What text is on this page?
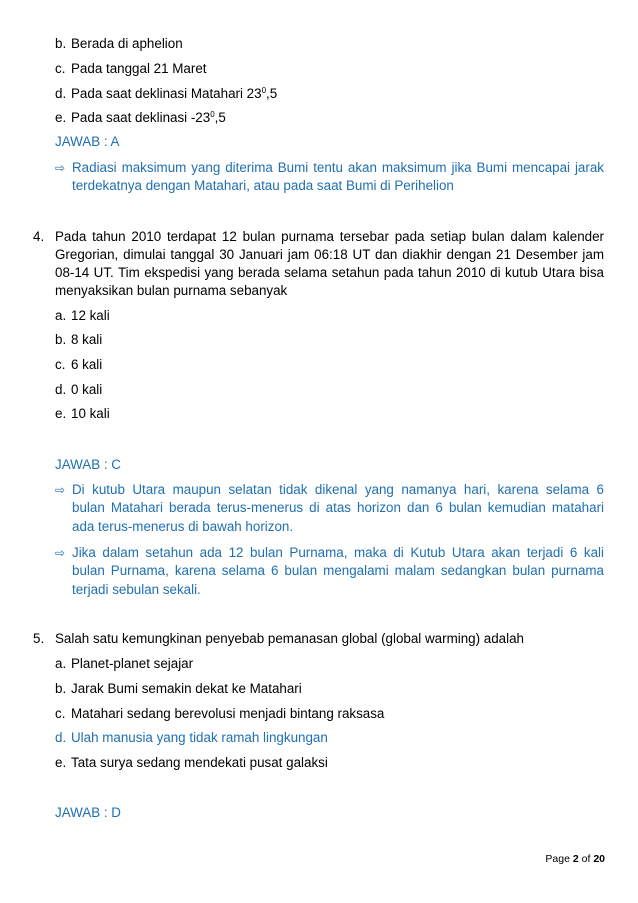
b. Berada di aphelion
c. Pada tanggal 21 Maret
d. Pada saat deklinasi Matahari $23^0,5$
e. Pada saat deklinasi $-23^0,5$
JAWAB : A
⇨ Radiasi maksimum yang diterima Bumi tentu akan maksimum jika Bumi mencapai jarak
terdekatnya dengan Matahari, atau pada saat Bumi di Perihelion
4. Pada tahun 2010 terdapat 12 bulan purnama tersebar pada setiap bulan dalam kalender
Gregorian, dimulai tanggal 30 Januari jam 06:18 UT dan diakhir dengan 21 Desember jam
08-14 UT. Tim ekspedisi yang berada selama setahun pada tahun 2010 di kutub Utara bisa
menyaksikan bulan purnama sebanyak
a. 12 kali
b. 8 kali
c. 6 kali
d. 0 kali
e. 10 kali
JAWAB : C
⇨ Di kutub Utara maupun selatan tidak dikenal yang namanya hari, karena selama 6
bulan Matahari berada terus-menerus di atas horizon dan 6 bulan kemudian matahari
ada terus-menerus di bawah horizon.
⇨ Jika dalam setahun ada 12 bulan Purnama, maka di Kutub Utara akan terjadi 6 kali
bulan Purnama, karena selama 6 bulan mengalami malam sedangkan bulan purnama
terjadi sebulan sekali.
5. Salah satu kemungkinan penyebab pemanasan global (global warming) adalah
a. Planet-planet sejajar
b. Jarak Bumi semakin dekat ke Matahari
c. Matahari sedang berevolusi menjadi bintang raksasa
d. Ulah manusia yang tidak ramah lingkungan
e. Tata surya sedang mendekati pusat galaksi
JAWAB : D
Page 2 of 20
